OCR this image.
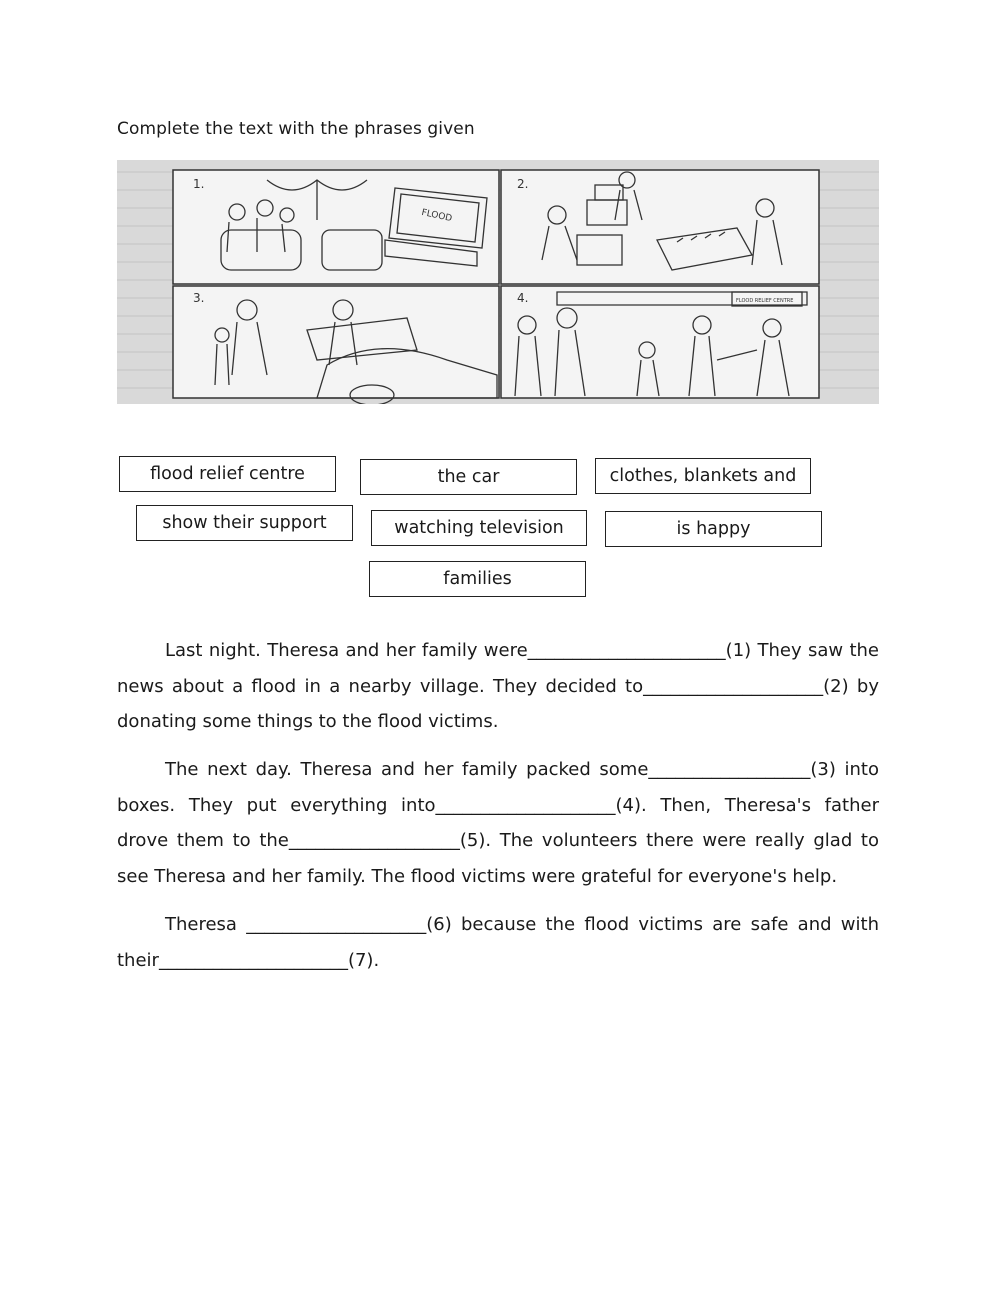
Complete the text with the phrases given
1.	2.
3.	4.
FLOOD
FLOOD RELIEF CENTRE
flood relief centre	the car	clothes, blankets and
show their support	watching television	is happy
families
Last night. Theresa and her family were______________________(1) They saw the news about a flood in a nearby village. They decided to____________________(2) by donating some things to the flood victims.
The next day. Theresa and her family packed some__________________(3) into boxes. They put everything into____________________(4). Then, Theresa's father drove them to the___________________(5). The volunteers there were really glad to see Theresa and her family. The flood victims were grateful for everyone's help.
Theresa ____________________(6) because the flood victims are safe and with their_____________________(7).
